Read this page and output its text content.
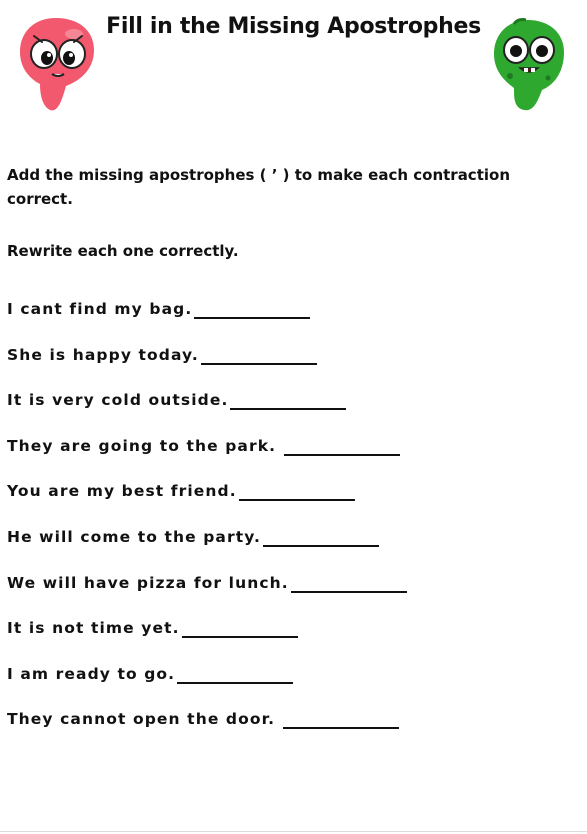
Fill in the Missing Apostrophes
Add the missing apostrophes ( ’ ) to make each contraction correct.
Rewrite each one correctly.
I cant find my bag.
She is happy today.
It is very cold outside.
They are going to the park.
You are my best friend.
He will come to the party.
We will have pizza for lunch.
It is not time yet.
I am ready to go.
They cannot open the door.
